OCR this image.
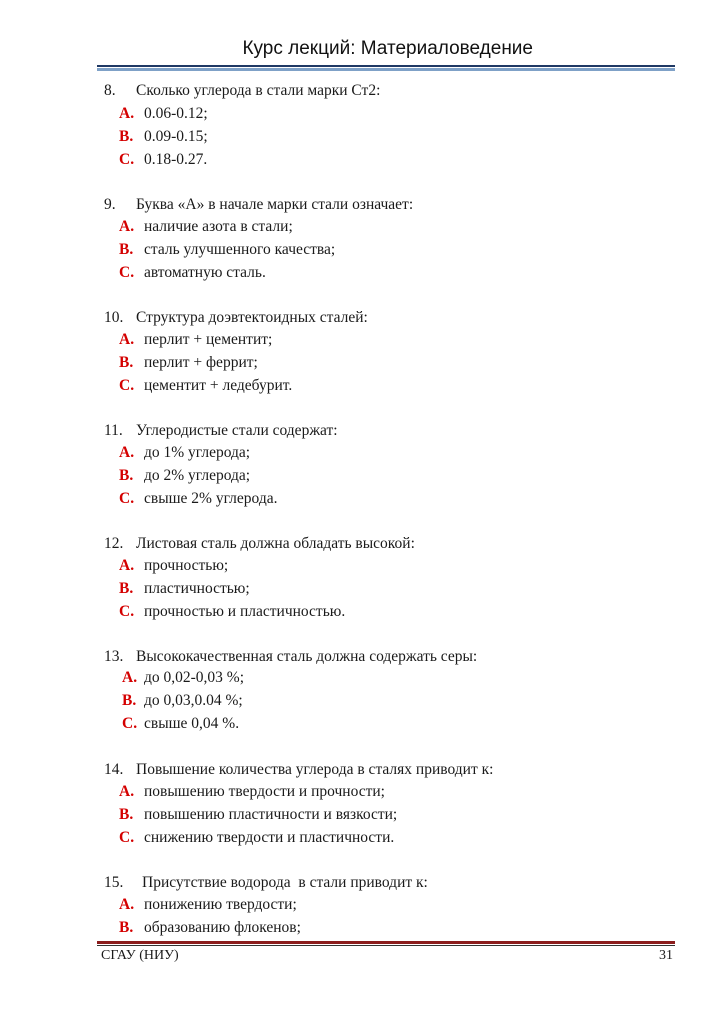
Курс лекций: Материаловедение
8. Сколько углерода в стали марки Ст2:
A. 0.06-0.12;
B. 0.09-0.15;
C. 0.18-0.27.
9. Буква «А» в начале марки стали означает:
A. наличие азота в стали;
B. сталь улучшенного качества;
C. автоматную сталь.
10. Структура доэвтектоидных сталей:
A. перлит + цементит;
B. перлит + феррит;
C. цементит + ледебурит.
11. Углеродистые стали содержат:
A. до 1% углерода;
B. до 2% углерода;
C. свыше 2% углерода.
12. Листовая сталь должна обладать высокой:
A. прочностью;
B. пластичностью;
C. прочностью и пластичностью.
13. Высококачественная сталь должна содержать серы:
A. до 0,02-0,03 %;
B. до 0,03,0.04 %;
C. свыше 0,04 %.
14. Повышение количества углерода в сталях приводит к:
A. повышению твердости и прочности;
B. повышению пластичности и вязкости;
C. снижению твердости и пластичности.
15. Присутствие водорода  в стали приводит к:
A. понижению твердости;
B. образованию флокенов;
СГАУ (НИУ)	31
